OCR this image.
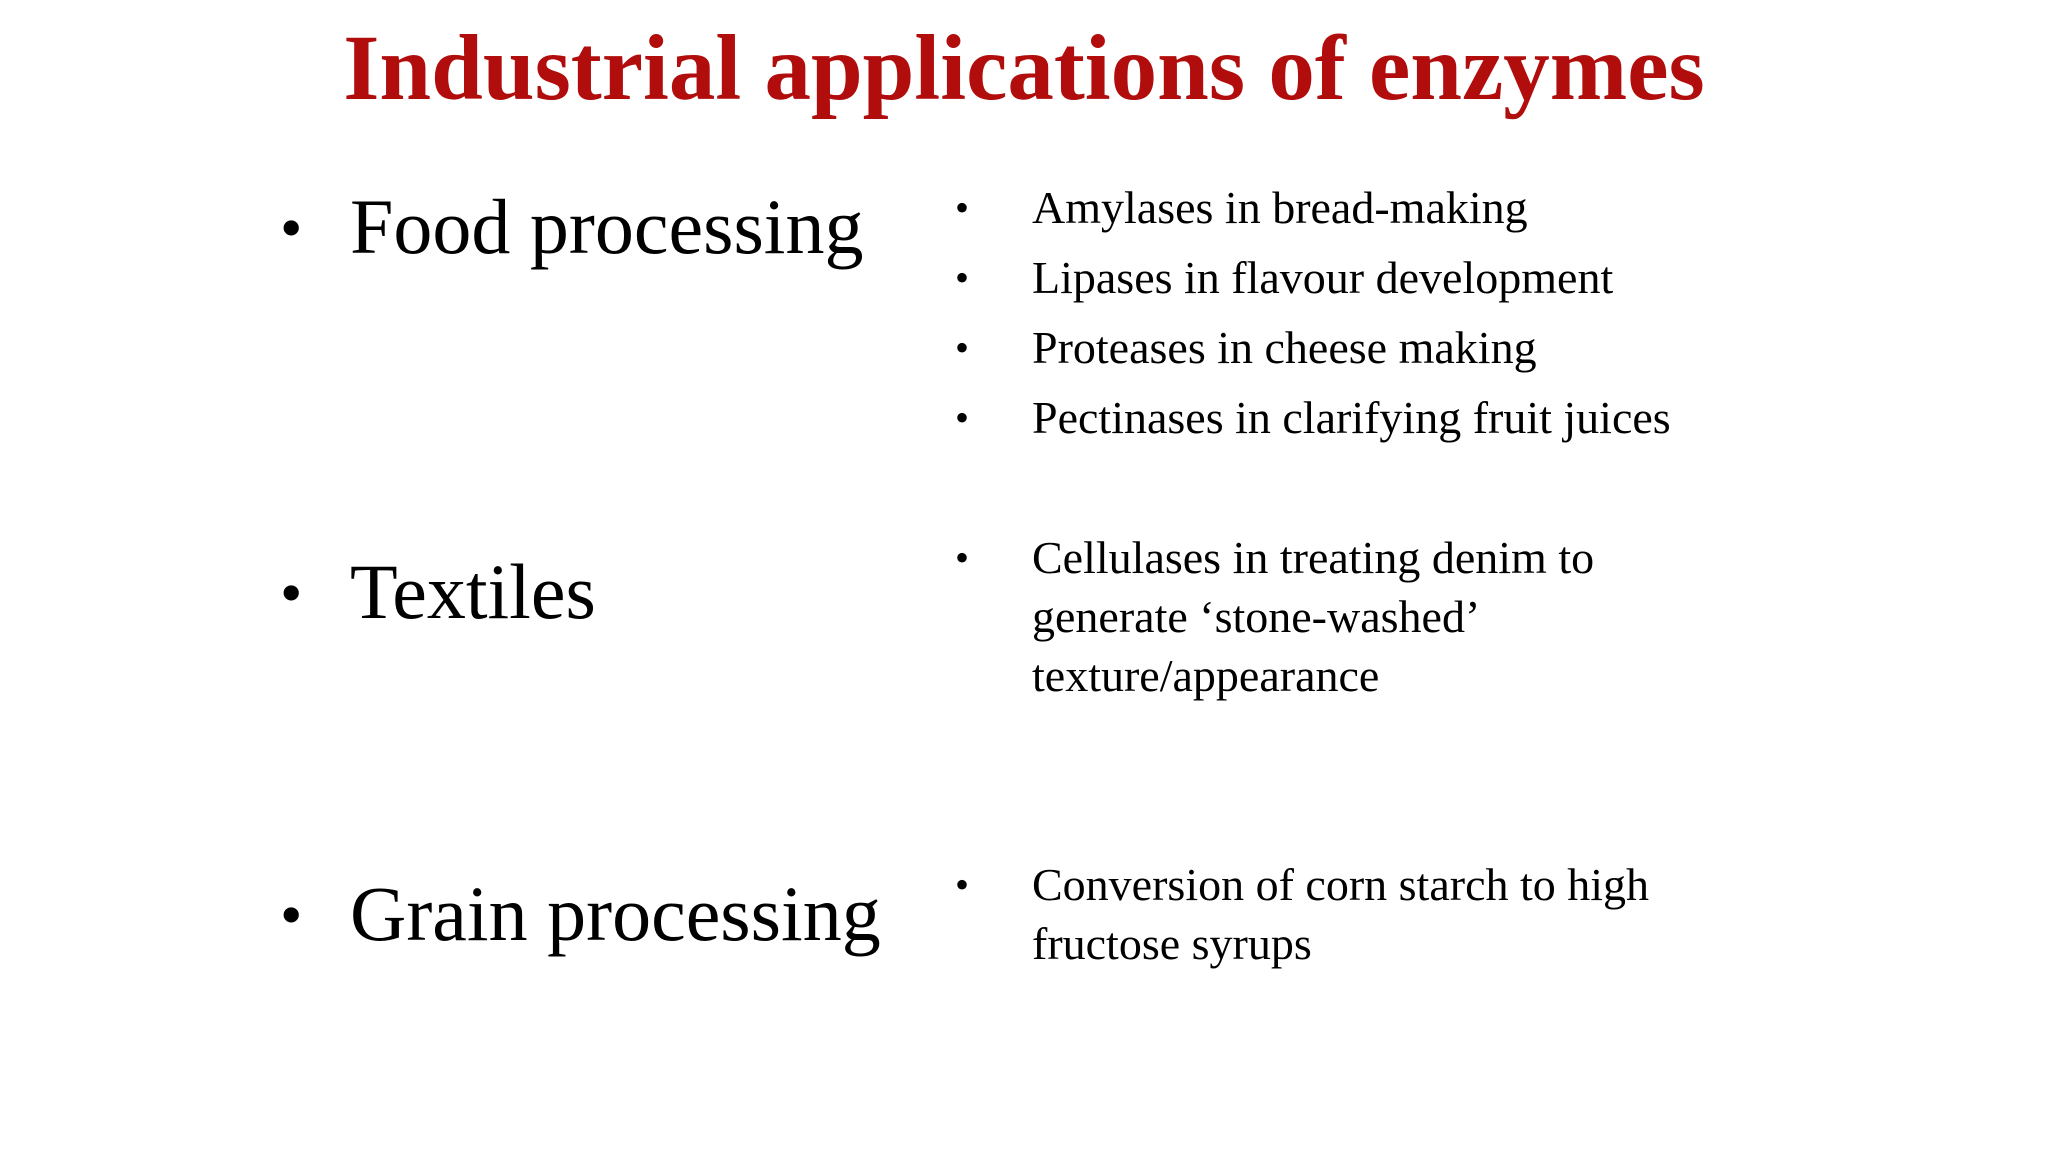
Industrial applications of enzymes
• Food processing • Amylases in bread-making
• Lipases in flavour development
• Proteases in cheese making
• Pectinases in clarifying fruit juices
• Textiles	• Cellulases in treating denim to generate ‘stone-washed’ texture/appearance
• Grain processing • Conversion of corn starch to high fructose syrups
